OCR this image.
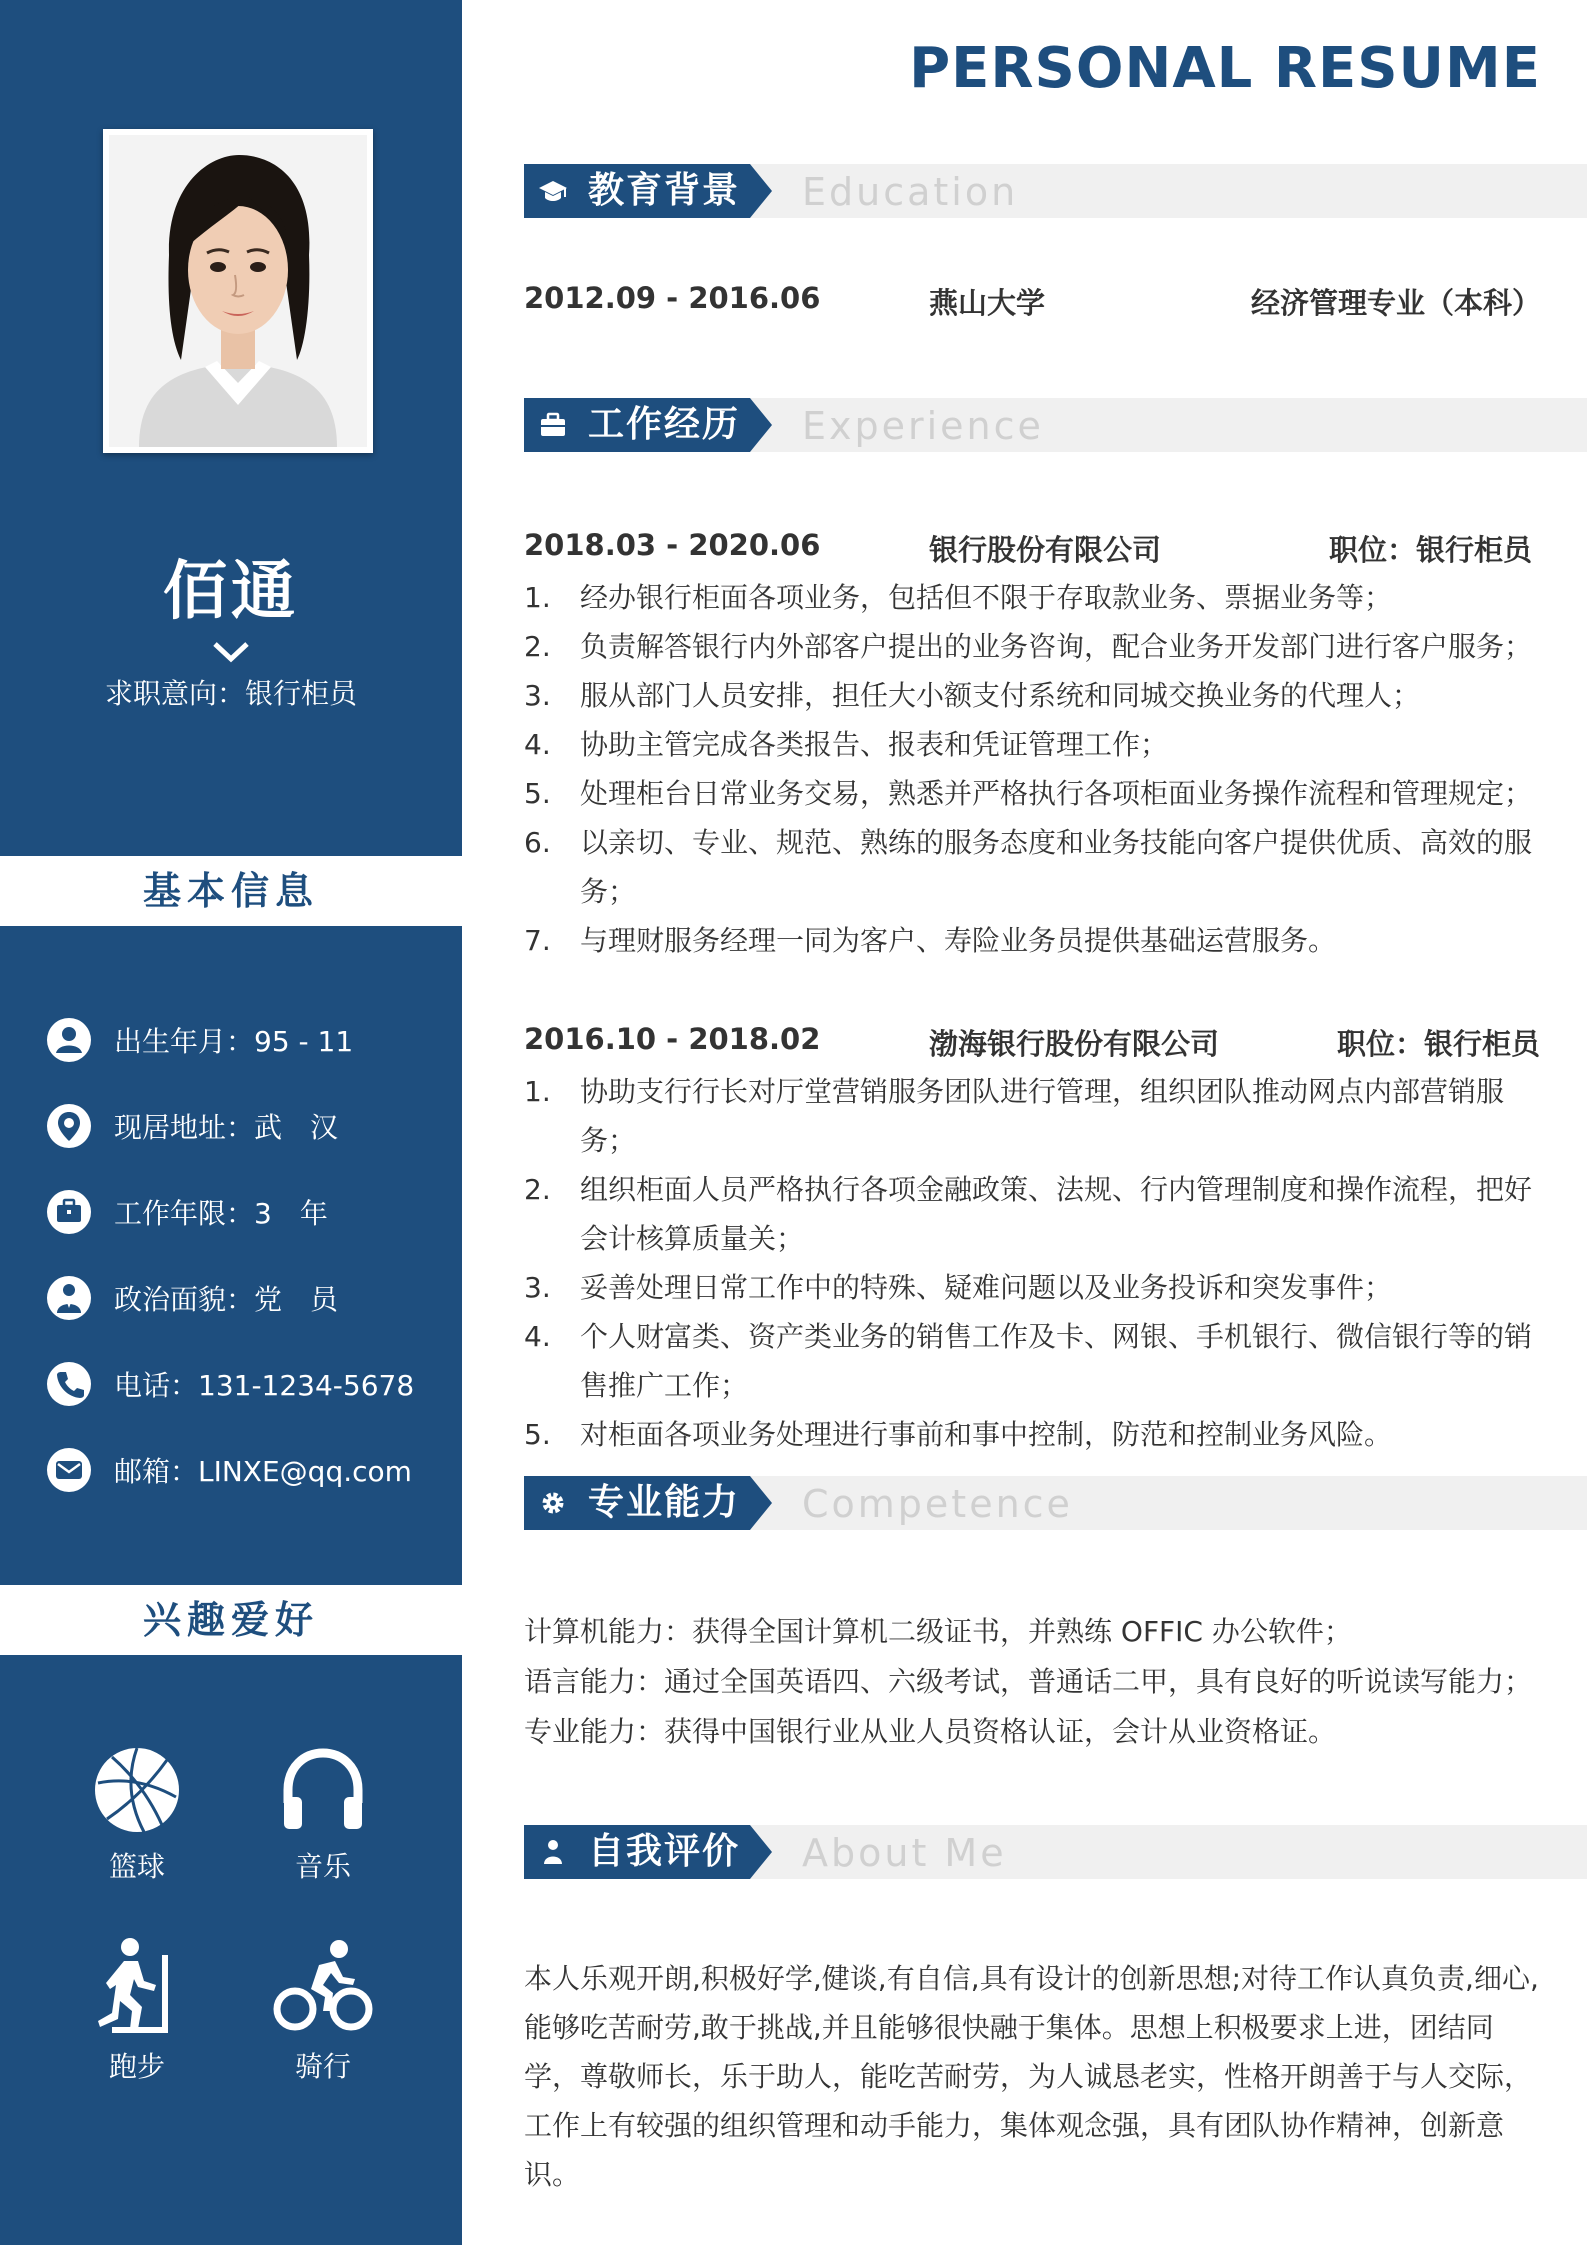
佰通
求职意向：银行柜员
基本信息
出生年月：95 - 11
现居地址：武　汉
工作年限：3　年
政治面貌：党　员
电话：131-1234-5678
邮箱：LINXE@qq.com
兴趣爱好
篮球	音乐
跑步	骑行
PERSONAL RESUME
教育背景 Education
2012.09 - 2016.06	燕山大学	经济管理专业（本科）
工作经历 Experience
2018.03 - 2020.06	银行股份有限公司	职位：银行柜员
1. 经办银行柜面各项业务，包括但不限于存取款业务、票据业务等；
2. 负责解答银行内外部客户提出的业务咨询，配合业务开发部门进行客户服务；
3. 服从部门人员安排，担任大小额支付系统和同城交换业务的代理人；
4. 协助主管完成各类报告、报表和凭证管理工作；
5. 处理柜台日常业务交易，熟悉并严格执行各项柜面业务操作流程和管理规定；
6. 以亲切、专业、规范、熟练的服务态度和业务技能向客户提供优质、高效的服务；
7. 与理财服务经理一同为客户、寿险业务员提供基础运营服务。
2016.10 - 2018.02	渤海银行股份有限公司	职位：银行柜员
1. 协助支行行长对厅堂营销服务团队进行管理，组织团队推动网点内部营销服务；
2. 组织柜面人员严格执行各项金融政策、法规、行内管理制度和操作流程，把好会计核算质量关；
3. 妥善处理日常工作中的特殊、疑难问题以及业务投诉和突发事件；
4. 个人财富类、资产类业务的销售工作及卡、网银、手机银行、微信银行等的销售推广工作；
5. 对柜面各项业务处理进行事前和事中控制，防范和控制业务风险。
专业能力 Competence
计算机能力：获得全国计算机二级证书，并熟练 OFFIC 办公软件；
语言能力：通过全国英语四、六级考试，普通话二甲，具有良好的听说读写能力；
专业能力：获得中国银行业从业人员资格认证，会计从业资格证。
自我评价 About Me
本人乐观开朗,积极好学,健谈,有自信,具有设计的创新思想;对待工作认真负责,细心,能够吃苦耐劳,敢于挑战,并且能够很快融于集体。思想上积极要求上进，团结同学，尊敬师长，乐于助人，能吃苦耐劳，为人诚恳老实，性格开朗善于与人交际，工作上有较强的组织管理和动手能力，集体观念强，具有团队协作精神，创新意识。
